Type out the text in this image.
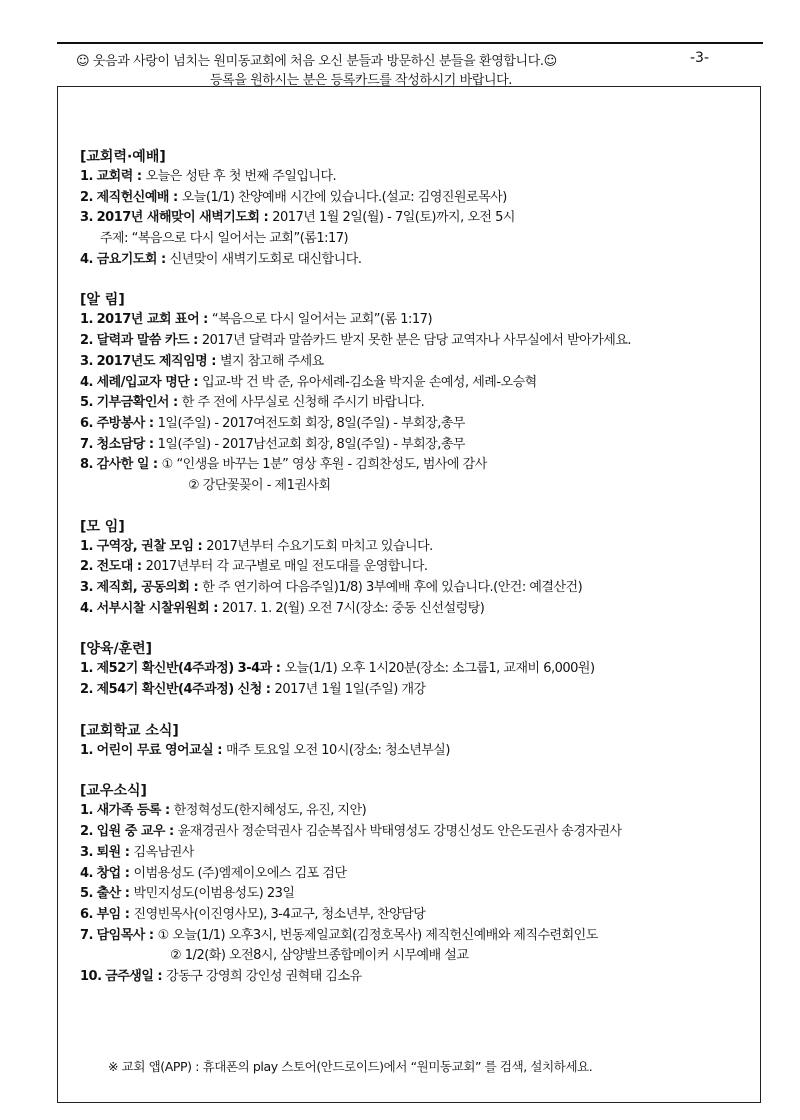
☺ 웃음과 사랑이 넘치는 원미동교회에 처음 오신 분들과 방문하신 분들을 환영합니다.☺	-3-
등록을 원하시는 분은 등록카드를 작성하시기 바랍니다.
[교회력·예배]
1. 교회력 : 오늘은 성탄 후 첫 번째 주일입니다.
2. 제직헌신예배 : 오늘(1/1) 찬양예배 시간에 있습니다.(설교: 김영진원로목사)
3. 2017년 새해맞이 새벽기도회 : 2017년 1월 2일(월) - 7일(토)까지, 오전 5시
주제: “복음으로 다시 일어서는 교회”(롬1:17)
4. 금요기도회 : 신년맞이 새벽기도회로 대신합니다.
[알 림]
1. 2017년 교회 표어 : “복음으로 다시 일어서는 교회”(롬 1:17)
2. 달력과 말씀 카드 : 2017년 달력과 말씀카드 받지 못한 분은 담당 교역자나 사무실에서 받아가세요.
3. 2017년도 제직임명 : 별지 참고해 주세요
4. 세례/입교자 명단 : 입교-박 건 박 준, 유아세례-김소율 박지윤 손예성, 세례-오승혁
5. 기부금확인서 : 한 주 전에 사무실로 신청해 주시기 바랍니다.
6. 주방봉사 : 1일(주일) - 2017여전도회 회장, 8일(주일) - 부회장,총무
7. 청소담당 : 1일(주일) - 2017남선교회 회장, 8일(주일) - 부회장,총무
8. 감사한 일 : ① “인생을 바꾸는 1분” 영상 후원 - 김희찬성도, 범사에 감사
② 강단꽃꽂이 - 제1권사회
[모 임]
1. 구역장, 권찰 모임 : 2017년부터 수요기도회 마치고 있습니다.
2. 전도대 : 2017년부터 각 교구별로 매일 전도대를 운영합니다.
3. 제직회, 공동의회 : 한 주 연기하여 다음주일)1/8) 3부예배 후에 있습니다.(안건: 예결산건)
4. 서부시찰 시찰위원회 : 2017. 1. 2(월) 오전 7시(장소: 중동 신선설렁탕)
[양육/훈련]
1. 제52기 확신반(4주과정) 3-4과 : 오늘(1/1) 오후 1시20분(장소: 소그룹1, 교재비 6,000원)
2. 제54기 확신반(4주과정) 신청 : 2017년 1월 1일(주일) 개강
[교회학교 소식]
1. 어린이 무료 영어교실 : 매주 토요일 오전 10시(장소: 청소년부실)
[교우소식]
1. 새가족 등록 : 한정혁성도(한지혜성도, 유진, 지안)
2. 입원 중 교우 : 윤재경권사 정순덕권사 김순복집사 박태영성도 강명신성도 안은도권사 송경자권사
3. 퇴원 : 김옥남권사
4. 창업 : 이범용성도 (주)엠제이오에스 김포 검단
5. 출산 : 박민지성도(이범용성도) 23일
6. 부임 : 진영빈목사(이진영사모), 3-4교구, 청소년부, 찬양담당
7. 담임목사 : ① 오늘(1/1) 오후3시, 번동제일교회(김정호목사) 제직헌신예배와 제직수련회인도
② 1/2(화) 오전8시, 삼양발브종합메이커 시무예배 설교
10. 금주생일 : 강동구 강영희 강인성 권혁태 김소유
※ 교회 앱(APP) : 휴대폰의 play 스토어(안드로이드)에서 “원미동교회” 를 검색, 설치하세요.
